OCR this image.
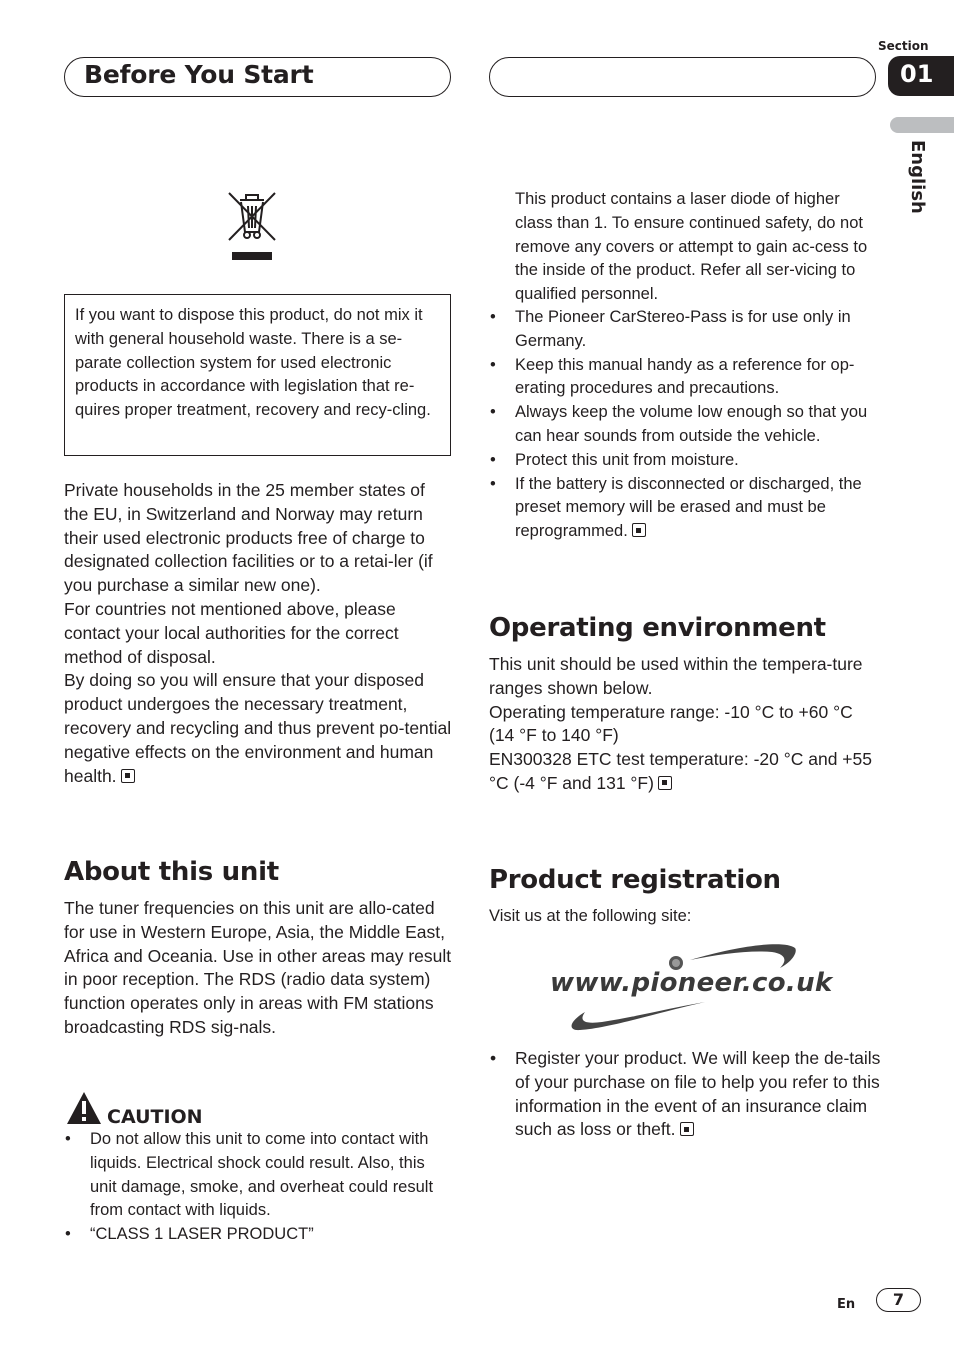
Before You Start
Section
01
English
If you want to dispose this product, do not mix it with general household waste. There is a se-parate collection system for used electronic products in accordance with legislation that re-quires proper treatment, recovery and recy-cling.
Private households in the 25 member states of the EU, in Switzerland and Norway may return their used electronic products free of charge to designated collection facilities or to a retai-ler (if you purchase a similar new one).
For countries not mentioned above, please contact your local authorities for the correct method of disposal.
By doing so you will ensure that your disposed product undergoes the necessary treatment, recovery and recycling and thus prevent po-tential negative effects on the environment and human health.
About this unit
The tuner frequencies on this unit are allo-cated for use in Western Europe, Asia, the Middle East, Africa and Oceania. Use in other areas may result in poor reception. The RDS (radio data system) function operates only in areas with FM stations broadcasting RDS sig-nals.
CAUTION
• Do not allow this unit to come into contact with liquids. Electrical shock could result. Also, this unit damage, smoke, and overheat could result from contact with liquids.
• “CLASS 1 LASER PRODUCT”
This product contains a laser diode of higher class than 1. To ensure continued safety, do not remove any covers or attempt to gain ac-cess to the inside of the product. Refer all ser-vicing to qualified personnel.
• The Pioneer CarStereo-Pass is for use only in Germany.
• Keep this manual handy as a reference for op-erating procedures and precautions.
• Always keep the volume low enough so that you can hear sounds from outside the vehicle.
• Protect this unit from moisture.
• If the battery is disconnected or discharged, the preset memory will be erased and must be reprogrammed.
Operating environment
This unit should be used within the tempera-ture ranges shown below.
Operating temperature range: -10 °C to +60 °C (14 °F to 140 °F)
EN300328 ETC test temperature: -20 °C and +55 °C (-4 °F and 131 °F)
Product registration
Visit us at the following site:
www.pioneer.co.uk
• Register your product. We will keep the de-tails of your purchase on file to help you refer to this information in the event of an insurance claim such as loss or theft.
En	7
